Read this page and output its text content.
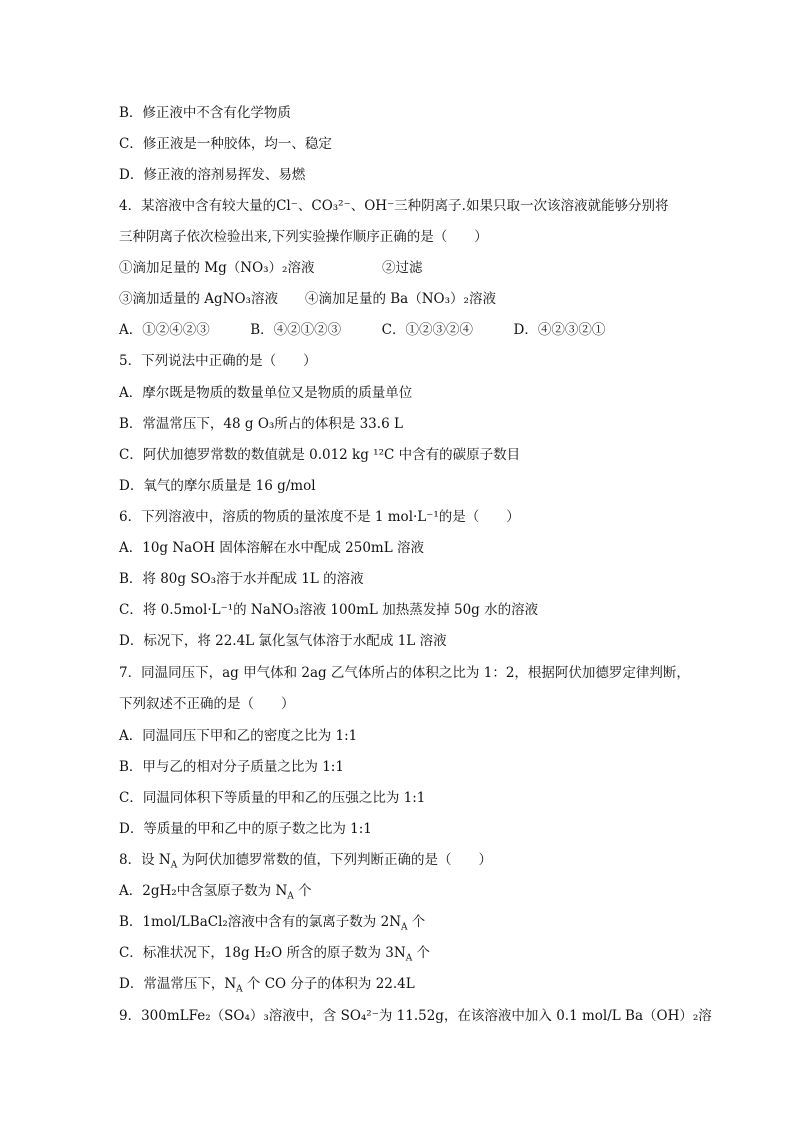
B．修正液中不含有化学物质
C．修正液是一种胶体，均一、稳定
D．修正液的溶剂易挥发、易燃
4．某溶液中含有较大量的Cl⁻、CO₃²⁻、OH⁻三种阴离子.如果只取一次该溶液就能够分别将
三种阴离子依次检验出来,下列实验操作顺序正确的是（　　）
①滴加足量的 Mg（NO₃）₂溶液　　　　　②过滤
③滴加适量的 AgNO₃溶液　　④滴加足量的 Ba（NO₃）₂溶液
A．①②④②③　　　B．④②①②③　　　C．①②③②④　　　D．④②③②①
5．下列说法中正确的是（　　）
A．摩尔既是物质的数量单位又是物质的质量单位
B．常温常压下，48 g O₃所占的体积是 33.6 L
C．阿伏加德罗常数的数值就是 0.012 kg ¹²C 中含有的碳原子数目
D．氧气的摩尔质量是 16 g/mol
6．下列溶液中，溶质的物质的量浓度不是 1 mol·L⁻¹的是（　　）
A．10g NaOH 固体溶解在水中配成 250mL 溶液
B．将 80g SO₃溶于水并配成 1L 的溶液
C．将 0.5mol·L⁻¹的 NaNO₃溶液 100mL 加热蒸发掉 50g 水的溶液
D．标况下，将 22.4L 氯化氢气体溶于水配成 1L 溶液
7．同温同压下，ag 甲气体和 2ag 乙气体所占的体积之比为 1：2，根据阿伏加德罗定律判断，
下列叙述不正确的是（　　）
A．同温同压下甲和乙的密度之比为 1:1
B．甲与乙的相对分子质量之比为 1:1
C．同温同体积下等质量的甲和乙的压强之比为 1:1
D．等质量的甲和乙中的原子数之比为 1:1
8．设 $N_A$ 为阿伏加德罗常数的值，下列判断正确的是（　　）
A．2gH₂中含氢原子数为 $N_A$ 个
B．1mol/LBaCl₂溶液中含有的氯离子数为 $2N_A$ 个
C．标准状况下，18g H₂O 所含的原子数为 $3N_A$ 个
D．常温常压下，$N_A$ 个 CO 分子的体积为 22.4L
9．300mLFe₂（SO₄）₃溶液中，含 SO₄²⁻为 11.52g，在该溶液中加入 0.1 mol/L Ba（OH）₂溶
